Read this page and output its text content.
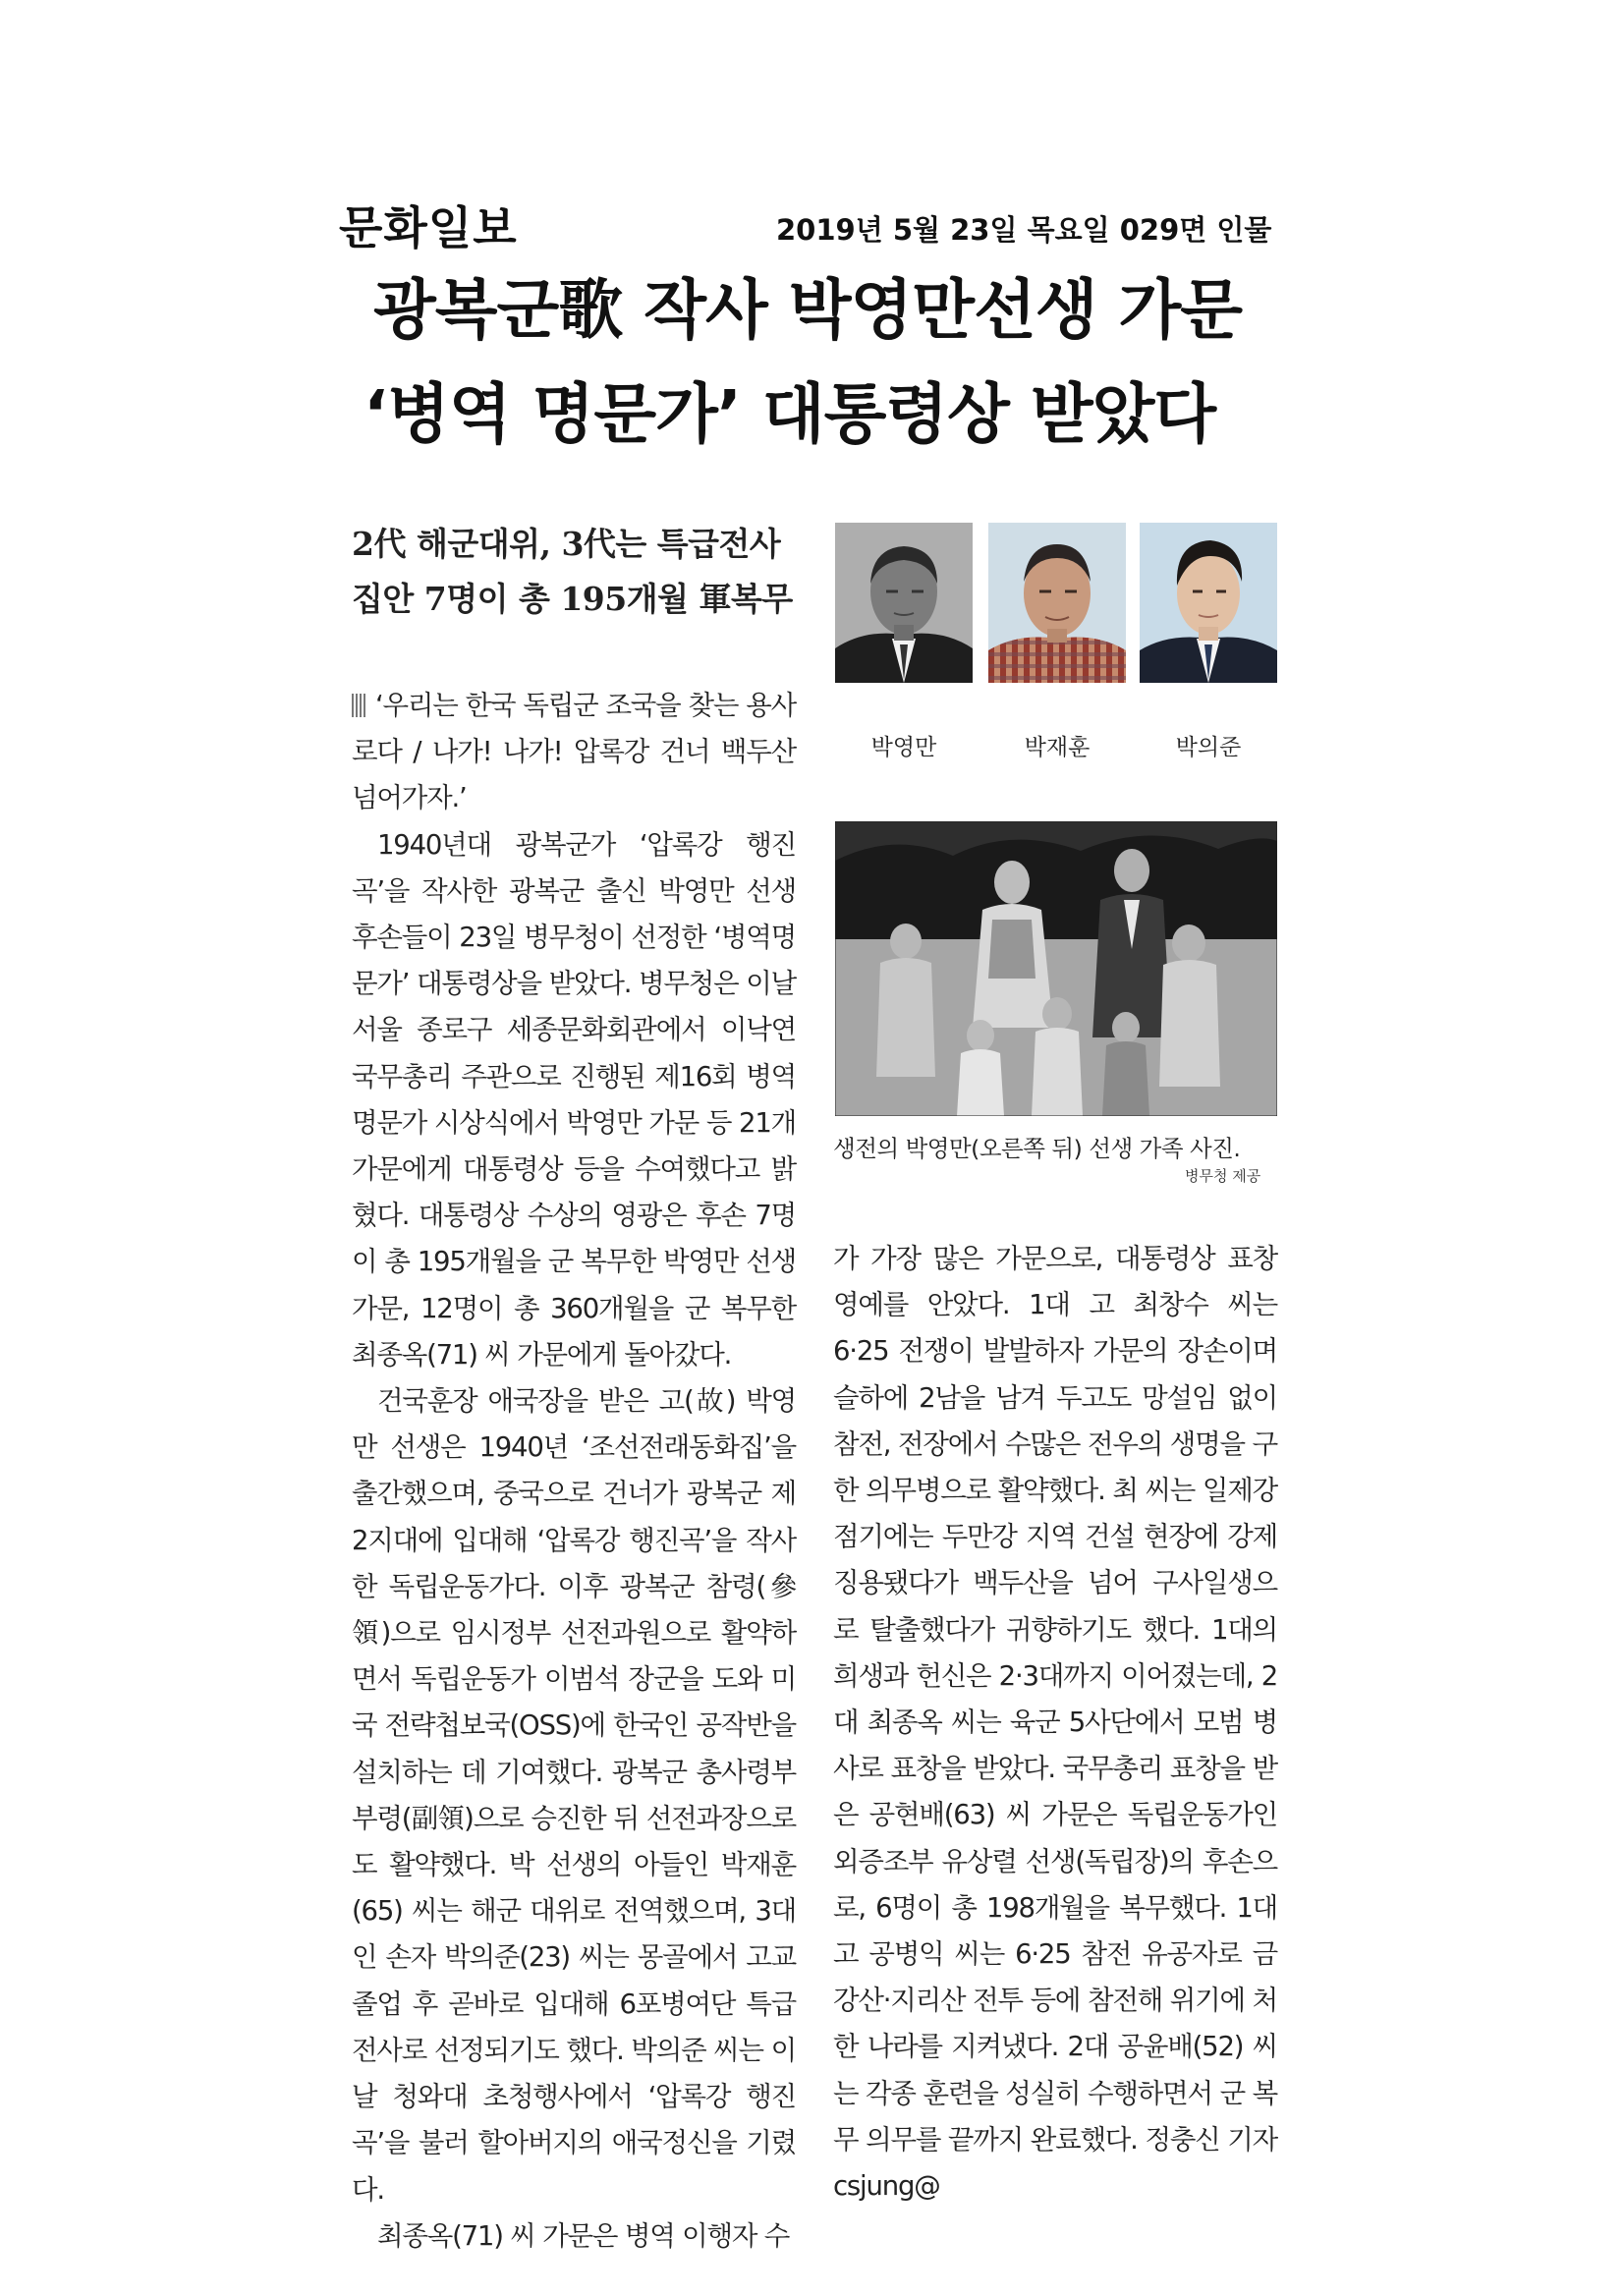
문화일보	2019년 5월 23일 목요일 029면 인물
광복군歌 작사 박영만선생 가문
‘병역 명문가’ 대통령상 받았다
2代 해군대위, 3代는 특급전사
집안 7명이 총 195개월 軍복무

‘우리는 한국 독립군 조국을 찾는 용사로다 / 나가! 나가! 압록강 건너 백두산 넘어가자.’

1940년대 광복군가 ‘압록강 행진곡’을 작사한 광복군 출신 박영만 선생 후손들이 23일 병무청이 선정한 ‘병역명문가’ 대통령상을 받았다. 병무청은 이날 서울 종로구 세종문화회관에서 이낙연 국무총리 주관으로 진행된 제16회 병역명문가 시상식에서 박영만 가문 등 21개 가문에게 대통령상 등을 수여했다고 밝혔다. 대통령상 수상의 영광은 후손 7명이 총 195개월을 군 복무한 박영만 선생 가문, 12명이 총 360개월을 군 복무한 최종옥(71) 씨 가문에게 돌아갔다.

건국훈장 애국장을 받은 고(故) 박영만 선생은 1940년 ‘조선전래동화집’을 출간했으며, 중국으로 건너가 광복군 제2지대에 입대해 ‘압록강 행진곡’을 작사한 독립운동가다. 이후 광복군 참령(參領)으로 임시정부 선전과원으로 활약하면서 독립운동가 이범석 장군을 도와 미국 전략첩보국(OSS)에 한국인 공작반을 설치하는 데 기여했다. 광복군 총사령부 부령(副領)으로 승진한 뒤 선전과장으로도 활약했다. 박 선생의 아들인 박재훈(65) 씨는 해군 대위로 전역했으며, 3대인 손자 박의준(23) 씨는 몽골에서 고교 졸업 후 곧바로 입대해 6포병여단 특급전사로 선정되기도 했다. 박의준 씨는 이날 청와대 초청행사에서 ‘압록강 행진곡’을 불러 할아버지의 애국정신을 기렸다.

최종옥(71) 씨 가문은 병역 이행자 수

박영만	박재훈	박의준
생전의 박영만(오른쪽 뒤) 선생 가족 사진.
병무청 제공

가 가장 많은 가문으로, 대통령상 표창 영예를 안았다. 1대 고 최창수 씨는 6·25 전쟁이 발발하자 가문의 장손이며 슬하에 2남을 남겨 두고도 망설임 없이 참전, 전장에서 수많은 전우의 생명을 구한 의무병으로 활약했다. 최 씨는 일제강점기에는 두만강 지역 건설 현장에 강제징용됐다가 백두산을 넘어 구사일생으로 탈출했다가 귀향하기도 했다. 1대의 희생과 헌신은 2·3대까지 이어졌는데, 2대 최종옥 씨는 육군 5사단에서 모범 병사로 표창을 받았다. 국무총리 표창을 받은 공현배(63) 씨 가문은 독립운동가인 외증조부 유상렬 선생(독립장)의 후손으로, 6명이 총 198개월을 복무했다. 1대 고 공병익 씨는 6·25 참전 유공자로 금강산·지리산 전투 등에 참전해 위기에 처한 나라를 지켜냈다. 2대 공윤배(52) 씨는 각종 훈련을 성실히 수행하면서 군 복무 의무를 끝까지 완료했다. 정충신 기자 csjung@
